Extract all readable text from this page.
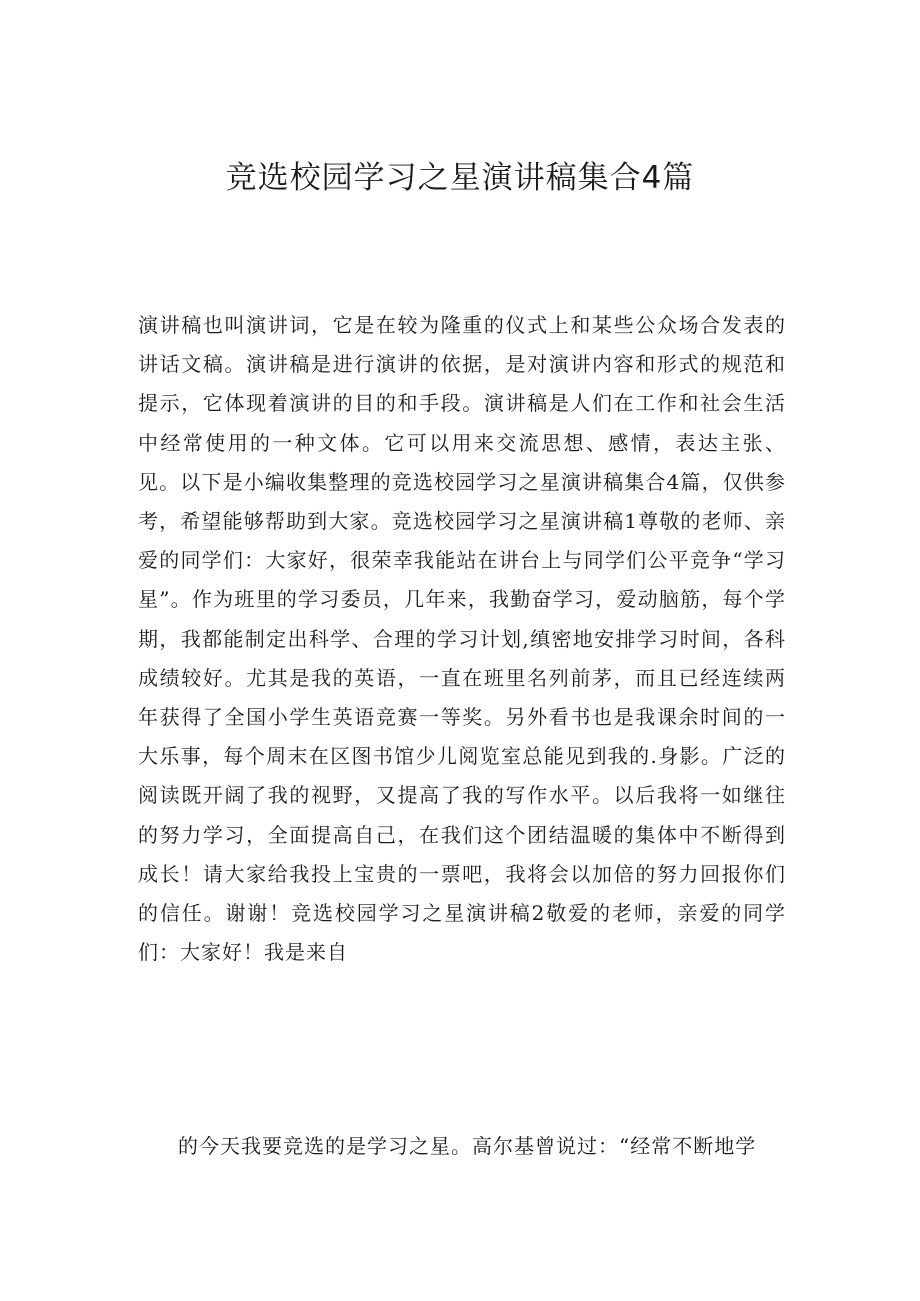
竞选校园学习之星演讲稿集合4篇

演讲稿也叫演讲词，它是在较为隆重的仪式上和某些公众场合发表的讲话文稿。演讲稿是进行演讲的依据，是对演讲内容和形式的规范和提示，它体现着演讲的目的和手段。演讲稿是人们在工作和社会生活中经常使用的一种文体。它可以用来交流思想、感情，表达主张、见。以下是小编收集整理的竞选校园学习之星演讲稿集合4篇，仅供参考，希望能够帮助到大家。竞选校园学习之星演讲稿1尊敬的老师、亲爱的同学们：大家好，很荣幸我能站在讲台上与同学们公平竞争“学习星”。作为班里的学习委员，几年来，我勤奋学习，爱动脑筋，每个学期，我都能制定出科学、合理的学习计划,缜密地安排学习时间，各科成绩较好。尤其是我的英语，一直在班里名列前茅，而且已经连续两年获得了全国小学生英语竞赛一等奖。另外看书也是我课余时间的一大乐事，每个周末在区图书馆少儿阅览室总能见到我的.身影。广泛的阅读既开阔了我的视野，又提高了我的写作水平。以后我将一如继往的努力学习，全面提高自己，在我们这个团结温暖的集体中不断得到成长！请大家给我投上宝贵的一票吧，我将会以加倍的努力回报你们的信任。谢谢！竞选校园学习之星演讲稿2敬爱的老师，亲爱的同学们：大家好！我是来自

的今天我要竞选的是学习之星。高尔基曾说过：“经常不断地学
